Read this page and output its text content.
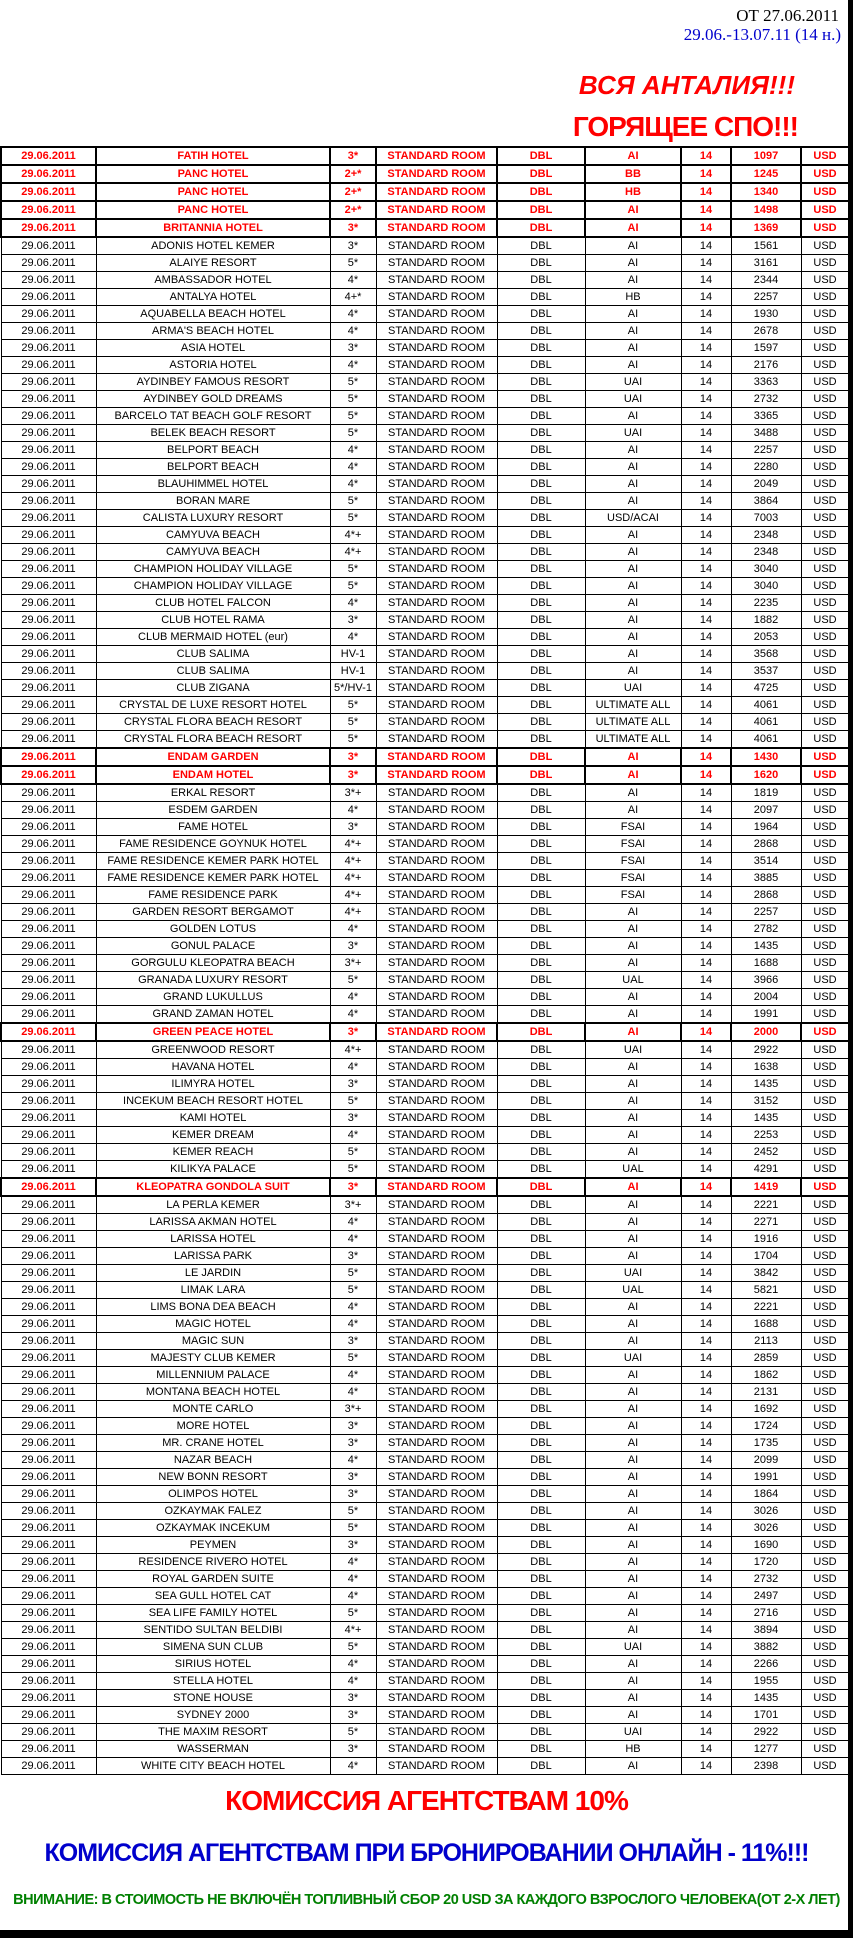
ОТ 27.06.2011
29.06.-13.07.11 (14 н.)
ВСЯ АНТАЛИЯ!!!
ГОРЯЩЕЕ СПО!!!
29.06.2011	FATIH HOTEL	3*	STANDARD ROOM	DBL	AI	14	1097	USD
29.06.2011	PANC HOTEL	2+*	STANDARD ROOM	DBL	BB	14	1245	USD
29.06.2011	PANC HOTEL	2+*	STANDARD ROOM	DBL	HB	14	1340	USD
29.06.2011	PANC HOTEL	2+*	STANDARD ROOM	DBL	AI	14	1498	USD
29.06.2011	BRITANNIA HOTEL	3*	STANDARD ROOM	DBL	AI	14	1369	USD
29.06.2011	ADONIS HOTEL KEMER	3*	STANDARD ROOM	DBL	AI	14	1561	USD
29.06.2011	ALAIYE RESORT	5*	STANDARD ROOM	DBL	AI	14	3161	USD
29.06.2011	AMBASSADOR HOTEL	4*	STANDARD ROOM	DBL	AI	14	2344	USD
29.06.2011	ANTALYA HOTEL	4+*	STANDARD ROOM	DBL	HB	14	2257	USD
29.06.2011	AQUABELLA BEACH HOTEL	4*	STANDARD ROOM	DBL	AI	14	1930	USD
29.06.2011	ARMA'S BEACH HOTEL	4*	STANDARD ROOM	DBL	AI	14	2678	USD
29.06.2011	ASIA HOTEL	3*	STANDARD ROOM	DBL	AI	14	1597	USD
29.06.2011	ASTORIA HOTEL	4*	STANDARD ROOM	DBL	AI	14	2176	USD
29.06.2011	AYDINBEY FAMOUS RESORT	5*	STANDARD ROOM	DBL	UAI	14	3363	USD
29.06.2011	AYDINBEY GOLD DREAMS	5*	STANDARD ROOM	DBL	UAI	14	2732	USD
29.06.2011	BARCELO TAT BEACH GOLF RESORT	5*	STANDARD ROOM	DBL	AI	14	3365	USD
29.06.2011	BELEK BEACH RESORT	5*	STANDARD ROOM	DBL	UAI	14	3488	USD
29.06.2011	BELPORT BEACH	4*	STANDARD ROOM	DBL	AI	14	2257	USD
29.06.2011	BELPORT BEACH	4*	STANDARD ROOM	DBL	AI	14	2280	USD
29.06.2011	BLAUHIMMEL HOTEL	4*	STANDARD ROOM	DBL	AI	14	2049	USD
29.06.2011	BORAN MARE	5*	STANDARD ROOM	DBL	AI	14	3864	USD
29.06.2011	CALISTA LUXURY RESORT	5*	STANDARD ROOM	DBL	USD/ACAI	14	7003	USD
29.06.2011	CAMYUVA BEACH	4*+	STANDARD ROOM	DBL	AI	14	2348	USD
29.06.2011	CAMYUVA BEACH	4*+	STANDARD ROOM	DBL	AI	14	2348	USD
29.06.2011	CHAMPION HOLIDAY VILLAGE	5*	STANDARD ROOM	DBL	AI	14	3040	USD
29.06.2011	CHAMPION HOLIDAY VILLAGE	5*	STANDARD ROOM	DBL	AI	14	3040	USD
29.06.2011	CLUB HOTEL FALCON	4*	STANDARD ROOM	DBL	AI	14	2235	USD
29.06.2011	CLUB HOTEL RAMA	3*	STANDARD ROOM	DBL	AI	14	1882	USD
29.06.2011	CLUB MERMAID HOTEL (eur)	4*	STANDARD ROOM	DBL	AI	14	2053	USD
29.06.2011	CLUB SALIMA	HV-1	STANDARD ROOM	DBL	AI	14	3568	USD
29.06.2011	CLUB SALIMA	HV-1	STANDARD ROOM	DBL	AI	14	3537	USD
29.06.2011	CLUB ZIGANA	5*/HV-1	STANDARD ROOM	DBL	UAI	14	4725	USD
29.06.2011	CRYSTAL DE LUXE RESORT HOTEL	5*	STANDARD ROOM	DBL	ULTIMATE ALL	14	4061	USD
29.06.2011	CRYSTAL FLORA BEACH RESORT	5*	STANDARD ROOM	DBL	ULTIMATE ALL	14	4061	USD
29.06.2011	CRYSTAL FLORA BEACH RESORT	5*	STANDARD ROOM	DBL	ULTIMATE ALL	14	4061	USD
29.06.2011	ENDAM GARDEN	3*	STANDARD ROOM	DBL	AI	14	1430	USD
29.06.2011	ENDAM HOTEL	3*	STANDARD ROOM	DBL	AI	14	1620	USD
29.06.2011	ERKAL RESORT	3*+	STANDARD ROOM	DBL	AI	14	1819	USD
29.06.2011	ESDEM GARDEN	4*	STANDARD ROOM	DBL	AI	14	2097	USD
29.06.2011	FAME HOTEL	3*	STANDARD ROOM	DBL	FSAI	14	1964	USD
29.06.2011	FAME RESIDENCE GOYNUK HOTEL	4*+	STANDARD ROOM	DBL	FSAI	14	2868	USD
29.06.2011	FAME RESIDENCE KEMER PARK HOTEL	4*+	STANDARD ROOM	DBL	FSAI	14	3514	USD
29.06.2011	FAME RESIDENCE KEMER PARK HOTEL	4*+	STANDARD ROOM	DBL	FSAI	14	3885	USD
29.06.2011	FAME RESIDENCE PARK	4*+	STANDARD ROOM	DBL	FSAI	14	2868	USD
29.06.2011	GARDEN RESORT BERGAMOT	4*+	STANDARD ROOM	DBL	AI	14	2257	USD
29.06.2011	GOLDEN LOTUS	4*	STANDARD ROOM	DBL	AI	14	2782	USD
29.06.2011	GONUL PALACE	3*	STANDARD ROOM	DBL	AI	14	1435	USD
29.06.2011	GORGULU KLEOPATRA BEACH	3*+	STANDARD ROOM	DBL	AI	14	1688	USD
29.06.2011	GRANADA LUXURY RESORT	5*	STANDARD ROOM	DBL	UAL	14	3966	USD
29.06.2011	GRAND LUKULLUS	4*	STANDARD ROOM	DBL	AI	14	2004	USD
29.06.2011	GRAND ZAMAN HOTEL	4*	STANDARD ROOM	DBL	AI	14	1991	USD
29.06.2011	GREEN PEACE HOTEL	3*	STANDARD ROOM	DBL	AI	14	2000	USD
29.06.2011	GREENWOOD RESORT	4*+	STANDARD ROOM	DBL	UAI	14	2922	USD
29.06.2011	HAVANA HOTEL	4*	STANDARD ROOM	DBL	AI	14	1638	USD
29.06.2011	ILIMYRA HOTEL	3*	STANDARD ROOM	DBL	AI	14	1435	USD
29.06.2011	INCEKUM BEACH RESORT HOTEL	5*	STANDARD ROOM	DBL	AI	14	3152	USD
29.06.2011	KAMI HOTEL	3*	STANDARD ROOM	DBL	AI	14	1435	USD
29.06.2011	KEMER DREAM	4*	STANDARD ROOM	DBL	AI	14	2253	USD
29.06.2011	KEMER REACH	5*	STANDARD ROOM	DBL	AI	14	2452	USD
29.06.2011	KILIKYA PALACE	5*	STANDARD ROOM	DBL	UAL	14	4291	USD
29.06.2011	KLEOPATRA GONDOLA SUIT	3*	STANDARD ROOM	DBL	AI	14	1419	USD
29.06.2011	LA PERLA KEMER	3*+	STANDARD ROOM	DBL	AI	14	2221	USD
29.06.2011	LARISSA AKMAN HOTEL	4*	STANDARD ROOM	DBL	AI	14	2271	USD
29.06.2011	LARISSA HOTEL	4*	STANDARD ROOM	DBL	AI	14	1916	USD
29.06.2011	LARISSA PARK	3*	STANDARD ROOM	DBL	AI	14	1704	USD
29.06.2011	LE JARDIN	5*	STANDARD ROOM	DBL	UAI	14	3842	USD
29.06.2011	LIMAK LARA	5*	STANDARD ROOM	DBL	UAL	14	5821	USD
29.06.2011	LIMS BONA DEA BEACH	4*	STANDARD ROOM	DBL	AI	14	2221	USD
29.06.2011	MAGIC HOTEL	4*	STANDARD ROOM	DBL	AI	14	1688	USD
29.06.2011	MAGIC SUN	3*	STANDARD ROOM	DBL	AI	14	2113	USD
29.06.2011	MAJESTY CLUB KEMER	5*	STANDARD ROOM	DBL	UAI	14	2859	USD
29.06.2011	MILLENNIUM PALACE	4*	STANDARD ROOM	DBL	AI	14	1862	USD
29.06.2011	MONTANA BEACH HOTEL	4*	STANDARD ROOM	DBL	AI	14	2131	USD
29.06.2011	MONTE CARLO	3*+	STANDARD ROOM	DBL	AI	14	1692	USD
29.06.2011	MORE HOTEL	3*	STANDARD ROOM	DBL	AI	14	1724	USD
29.06.2011	MR. CRANE HOTEL	3*	STANDARD ROOM	DBL	AI	14	1735	USD
29.06.2011	NAZAR BEACH	4*	STANDARD ROOM	DBL	AI	14	2099	USD
29.06.2011	NEW BONN RESORT	3*	STANDARD ROOM	DBL	AI	14	1991	USD
29.06.2011	OLIMPOS HOTEL	3*	STANDARD ROOM	DBL	AI	14	1864	USD
29.06.2011	OZKAYMAK FALEZ	5*	STANDARD ROOM	DBL	AI	14	3026	USD
29.06.2011	OZKAYMAK INCEKUM	5*	STANDARD ROOM	DBL	AI	14	3026	USD
29.06.2011	PEYMEN	3*	STANDARD ROOM	DBL	AI	14	1690	USD
29.06.2011	RESIDENCE RIVERO HOTEL	4*	STANDARD ROOM	DBL	AI	14	1720	USD
29.06.2011	ROYAL GARDEN SUITE	4*	STANDARD ROOM	DBL	AI	14	2732	USD
29.06.2011	SEA GULL HOTEL CAT	4*	STANDARD ROOM	DBL	AI	14	2497	USD
29.06.2011	SEA LIFE FAMILY HOTEL	5*	STANDARD ROOM	DBL	AI	14	2716	USD
29.06.2011	SENTIDO SULTAN BELDIBI	4*+	STANDARD ROOM	DBL	AI	14	3894	USD
29.06.2011	SIMENA SUN CLUB	5*	STANDARD ROOM	DBL	UAI	14	3882	USD
29.06.2011	SIRIUS HOTEL	4*	STANDARD ROOM	DBL	AI	14	2266	USD
29.06.2011	STELLA HOTEL	4*	STANDARD ROOM	DBL	AI	14	1955	USD
29.06.2011	STONE HOUSE	3*	STANDARD ROOM	DBL	AI	14	1435	USD
29.06.2011	SYDNEY 2000	3*	STANDARD ROOM	DBL	AI	14	1701	USD
29.06.2011	THE MAXIM RESORT	5*	STANDARD ROOM	DBL	UAI	14	2922	USD
29.06.2011	WASSERMAN	3*	STANDARD ROOM	DBL	HB	14	1277	USD
29.06.2011	WHITE CITY BEACH HOTEL	4*	STANDARD ROOM	DBL	AI	14	2398	USD
КОМИССИЯ АГЕНТСТВАМ 10%
КОМИССИЯ АГЕНТСТВАМ ПРИ БРОНИРОВАНИИ ОНЛАЙН - 11%!!!
ВНИМАНИЕ: В СТОИМОСТЬ НЕ ВКЛЮЧЁН ТОПЛИВНЫЙ СБОР 20 USD ЗА КАЖДОГО ВЗРОСЛОГО ЧЕЛОВЕКА(ОТ 2-Х ЛЕТ)
